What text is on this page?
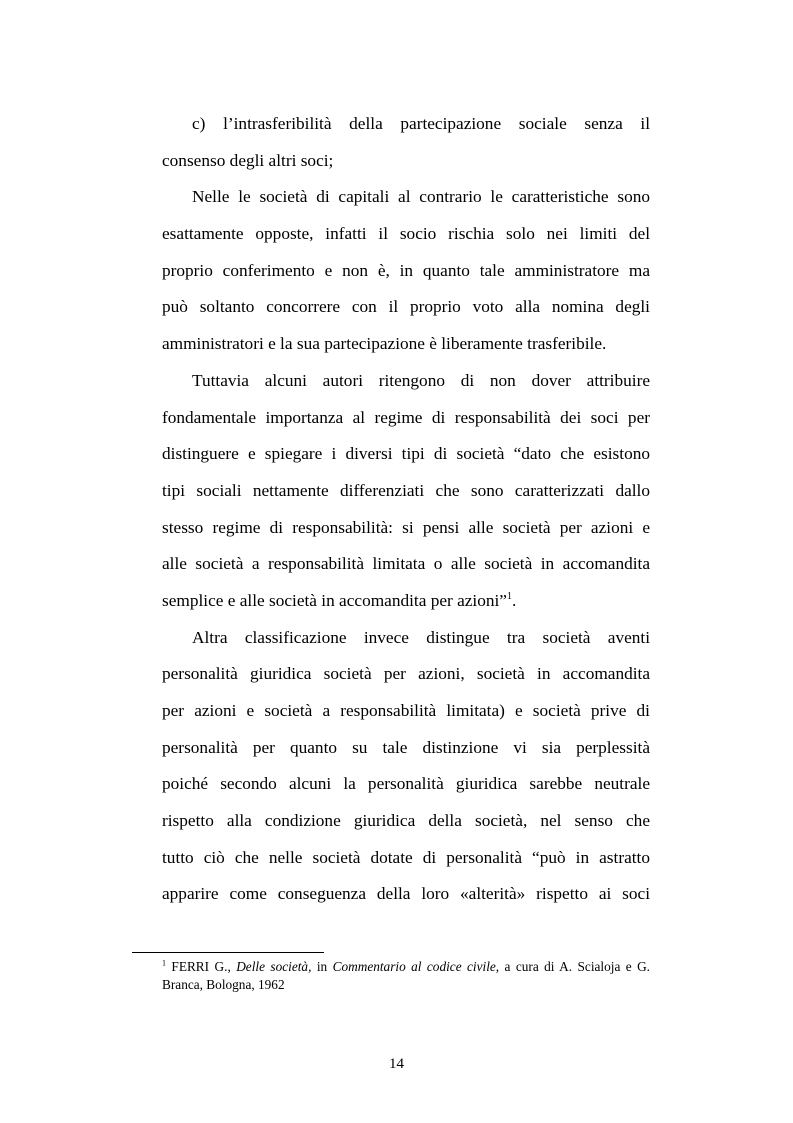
c) l’intrasferibilità della partecipazione sociale senza il
consenso degli altri soci;
Nelle le società di capitali al contrario le caratteristiche sono
esattamente opposte, infatti il socio rischia solo nei limiti del
proprio conferimento e non è, in quanto tale amministratore ma
può soltanto concorrere con il proprio voto alla nomina degli
amministratori e la sua partecipazione è liberamente trasferibile.
Tuttavia alcuni autori ritengono di non dover attribuire
fondamentale importanza al regime di responsabilità dei soci per
distinguere e spiegare i diversi tipi di società “dato che esistono
tipi sociali nettamente differenziati che sono caratterizzati dallo
stesso regime di responsabilità: si pensi alle società per azioni e
alle società a responsabilità limitata o alle società in accomandita
semplice e alle società in accomandita per azioni”$^1$.
Altra classificazione invece distingue tra società aventi
personalità giuridica società per azioni, società in accomandita
per azioni e società a responsabilità limitata) e società prive di
personalità per quanto su tale distinzione vi sia perplessità
poiché secondo alcuni la personalità giuridica sarebbe neutrale
rispetto alla condizione giuridica della società, nel senso che
tutto ciò che nelle società dotate di personalità “può in astratto
apparire come conseguenza della loro «alterità» rispetto ai soci
$^1$ FERRI G., Delle società, in Commentario al codice civile, a cura di A. Scialoja e G.
Branca, Bologna, 1962
14
